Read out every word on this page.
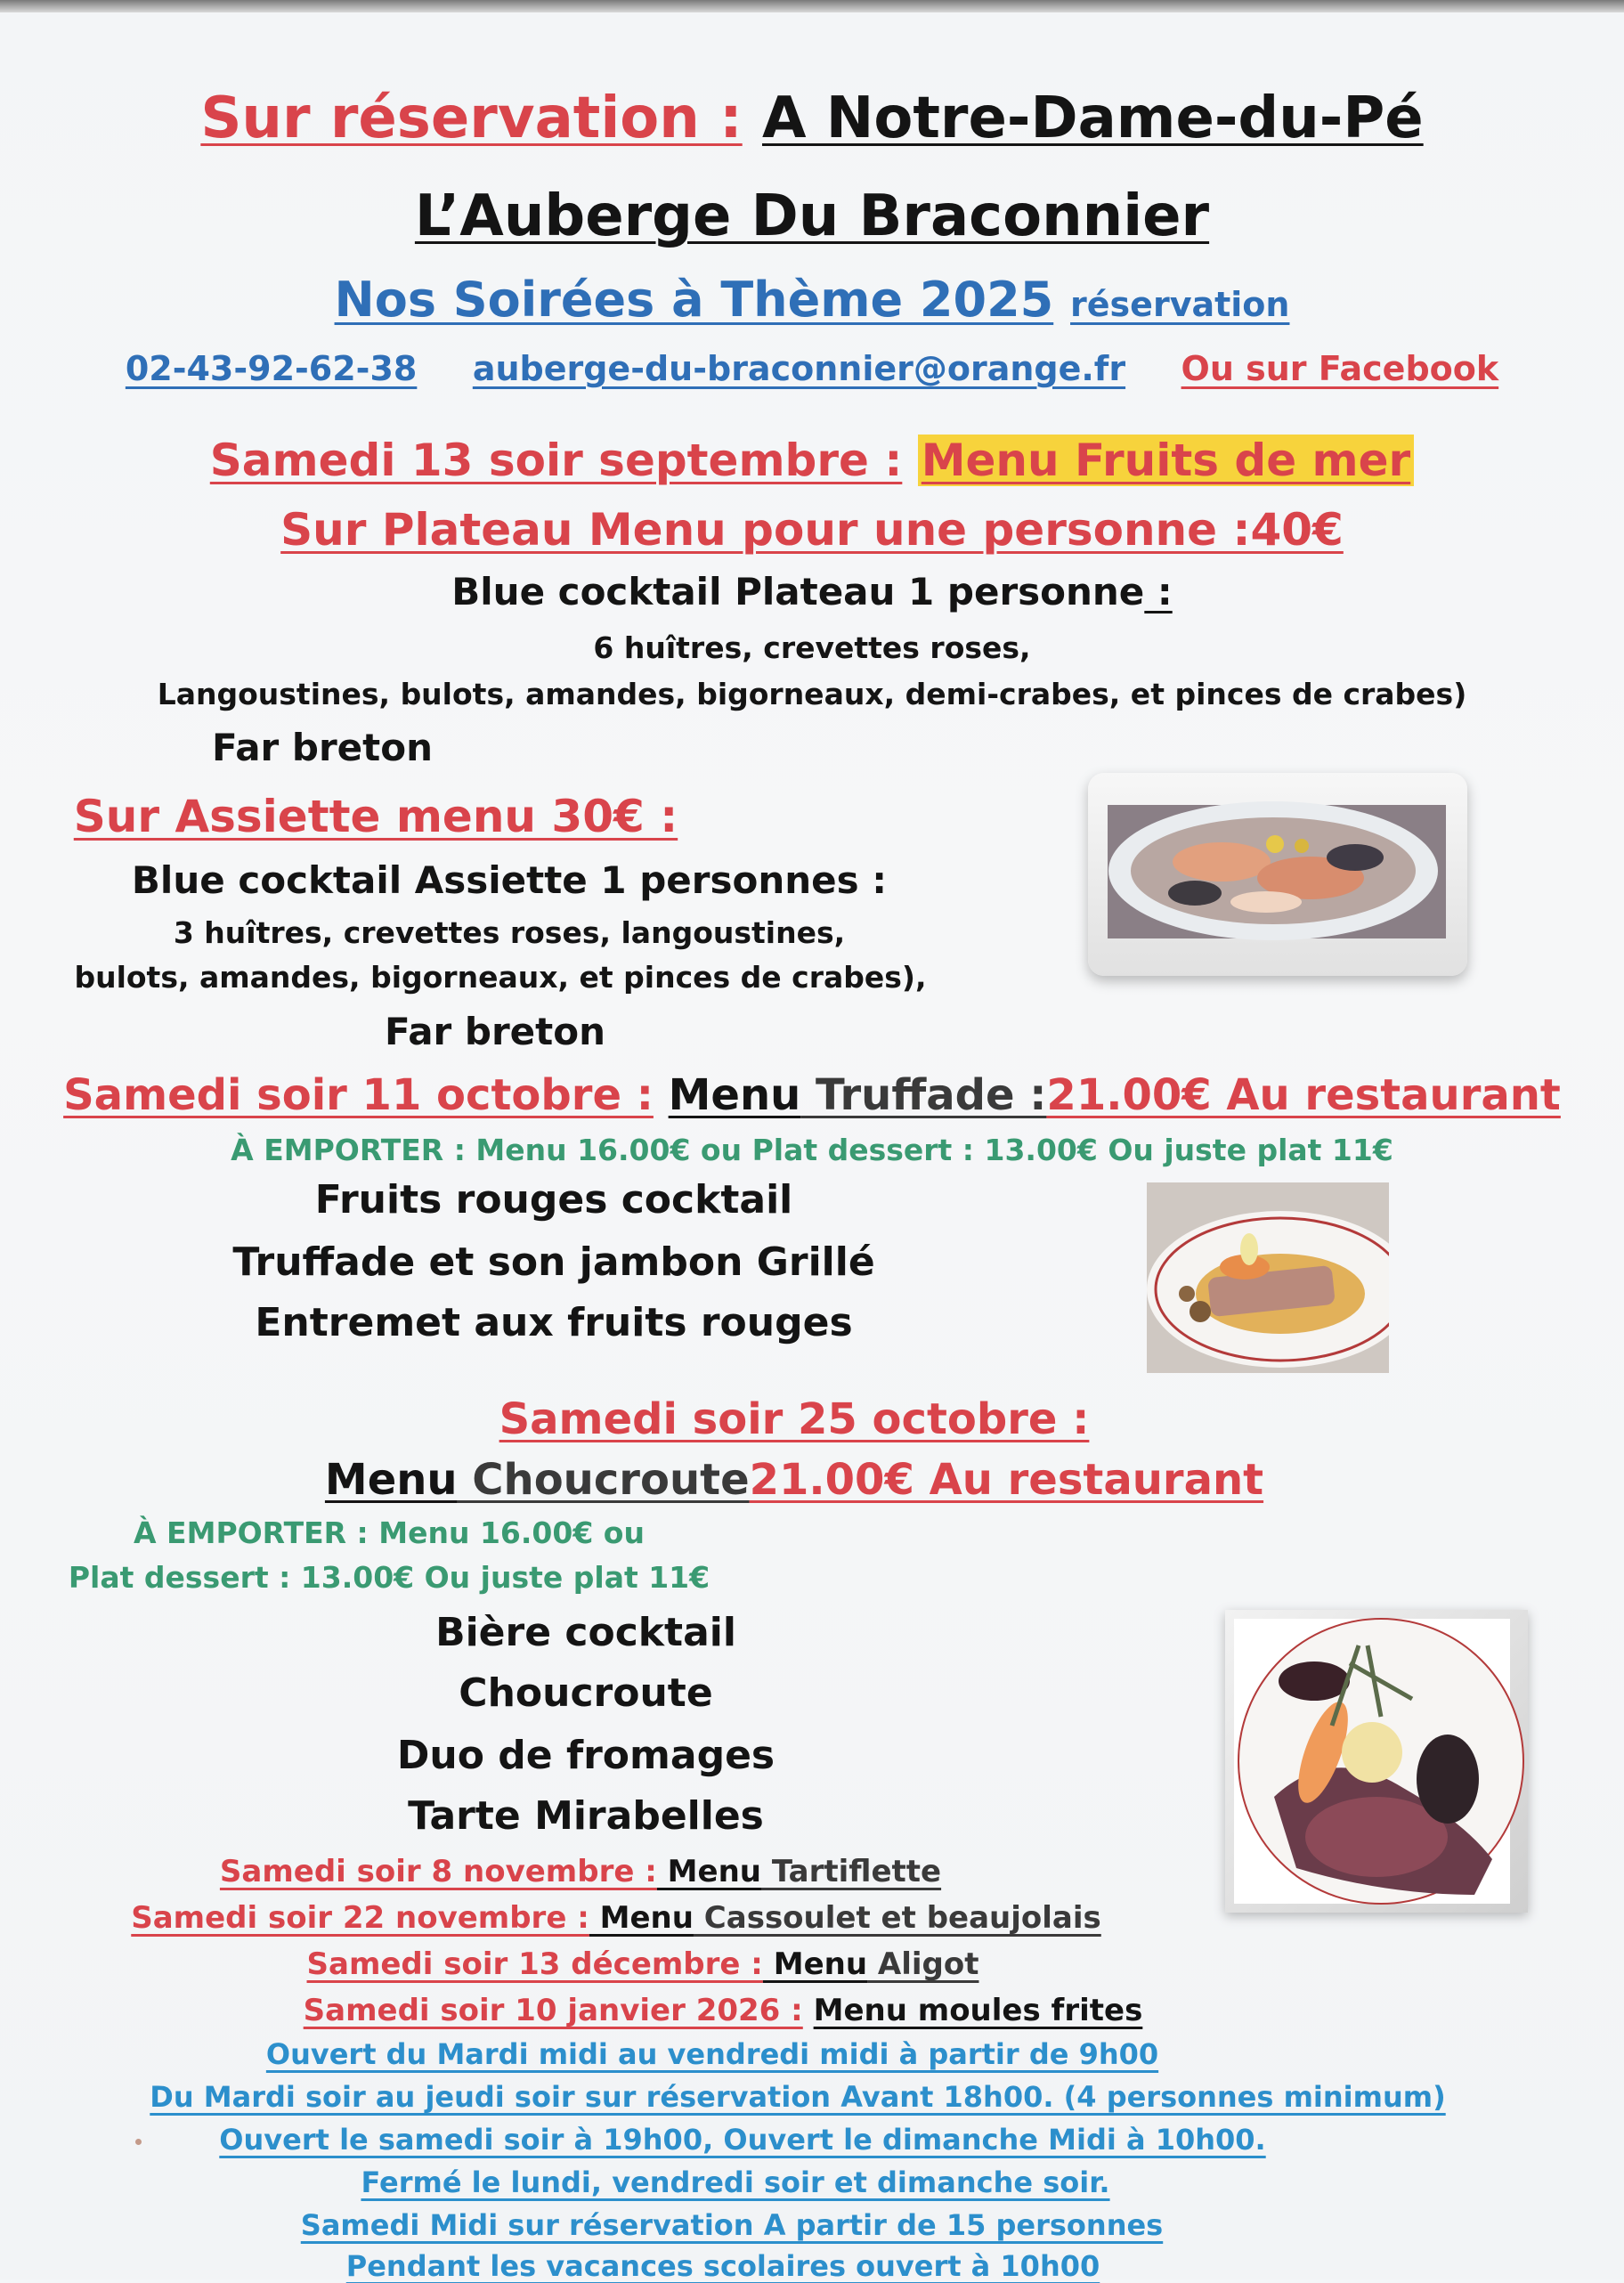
Sur réservation : A Notre-Dame-du-Pé
L’Auberge Du Braconnier
Nos Soirées à Thème 2025 réservation
02-43-92-62-38 auberge-du-braconnier@orange.fr Ou sur Facebook
Samedi 13 soir septembre : Menu Fruits de mer
Sur Plateau Menu pour une personne :40€
Blue cocktail Plateau 1 personne :
6 huîtres, crevettes roses,
Langoustines, bulots, amandes, bigorneaux, demi-crabes, et pinces de crabes)
Far breton
Sur Assiette menu 30€ :
Blue cocktail Assiette 1 personnes :
3 huîtres, crevettes roses, langoustines,
bulots, amandes, bigorneaux, et pinces de crabes),
Far breton
Samedi soir 11 octobre : Menu Truffade :21.00€ Au restaurant
À EMPORTER : Menu 16.00€ ou Plat dessert : 13.00€ Ou juste plat 11€
Fruits rouges cocktail
Truffade et son jambon Grillé
Entremet aux fruits rouges
Samedi soir 25 octobre :
Menu Choucroute21.00€ Au restaurant
À EMPORTER : Menu 16.00€ ou
Plat dessert : 13.00€ Ou juste plat 11€
Bière cocktail
Choucroute
Duo de fromages
Tarte Mirabelles
Samedi soir 8 novembre : Menu Tartiflette
Samedi soir 22 novembre : Menu Cassoulet et beaujolais
Samedi soir 13 décembre : Menu Aligot
Samedi soir 10 janvier 2026 : Menu moules frites
Ouvert du Mardi midi au vendredi midi à partir de 9h00
Du Mardi soir au jeudi soir sur réservation Avant 18h00. (4 personnes minimum)
Ouvert le samedi soir à 19h00, Ouvert le dimanche Midi à 10h00.
Fermé le lundi, vendredi soir et dimanche soir.
Samedi Midi sur réservation A partir de 15 personnes
Pendant les vacances scolaires ouvert à 10h00
